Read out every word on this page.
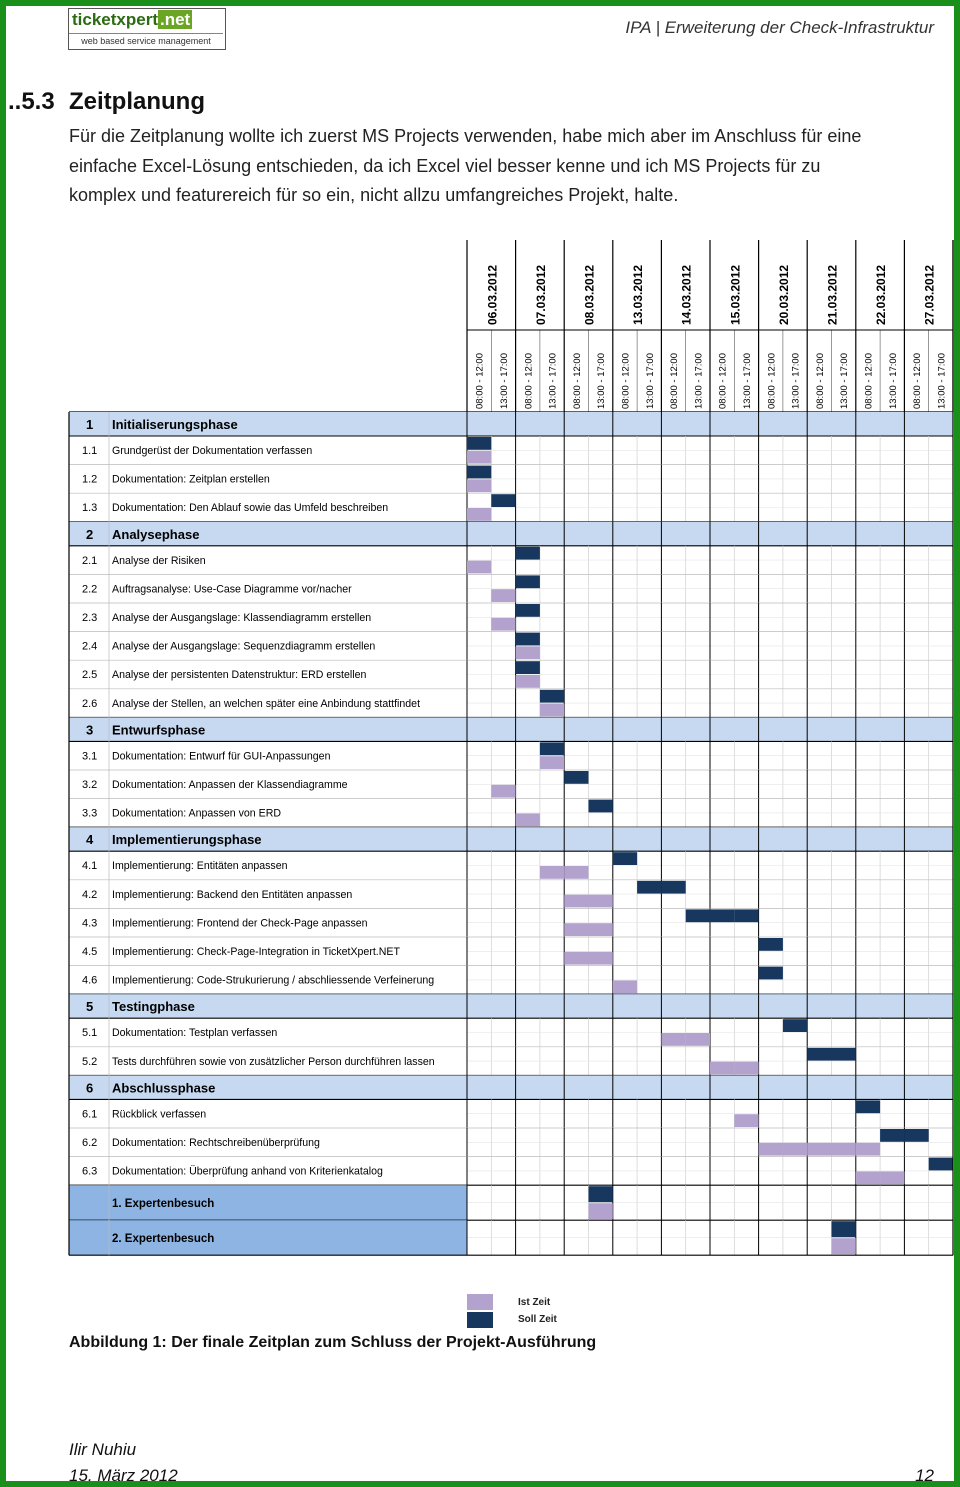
ticketxpert .net
web based service management
IPA | Erweiterung der Check-Infrastruktur
..5.3 Zeitplanung
Für die Zeitplanung wollte ich zuerst MS Projects verwenden, habe mich aber im Anschluss für eine
einfache Excel-Lösung entschieden, da ich Excel viel besser kenne und ich MS Projects für zu
komplex und featurereich für so ein, nicht allzu umfangreiches Projekt, halte.
06.03.2012	07.03.2012	08.03.2012	13.03.2012	14.03.2012	15.03.2012	20.03.2012	21.03.2012	22.03.2012	27.03.2012
08:00 - 12:00 13:00 - 17:00 08:00 - 12:00 13:00 - 17:00 08:00 - 12:00 13:00 - 17:00 08:00 - 12:00 13:00 - 17:00 08:00 - 12:00 13:00 - 17:00 08:00 - 12:00 13:00 - 17:00 08:00 - 12:00 13:00 - 17:00 08:00 - 12:00 13:00 - 17:00 08:00 - 12:00 13:00 - 17:00 08:00 - 12:00 13:00 - 17:00
1 Initialiserungsphase
1.1 Grundgerüst der Dokumentation verfassen
1.2 Dokumentation: Zeitplan erstellen
1.3 Dokumentation: Den Ablauf sowie das Umfeld beschreiben
2 Analysephase
2.1 Analyse der Risiken
2.2 Auftragsanalyse: Use-Case Diagramme vor/nacher
2.3 Analyse der Ausgangslage: Klassendiagramm erstellen
2.4 Analyse der Ausgangslage: Sequenzdiagramm erstellen
2.5 Analyse der persistenten Datenstruktur: ERD erstellen
2.6 Analyse der Stellen, an welchen später eine Anbindung stattfindet
3 Entwurfsphase
3.1 Dokumentation: Entwurf für GUI-Anpassungen
3.2 Dokumentation: Anpassen der Klassendiagramme
3.3 Dokumentation: Anpassen von ERD
4 Implementierungsphase
4.1 Implementierung: Entitäten anpassen
4.2 Implementierung: Backend den Entitäten anpassen
4.3 Implementierung: Frontend der Check-Page anpassen
4.5 Implementierung: Check-Page-Integration in TicketXpert.NET
4.6 Implementierung: Code-Strukurierung / abschliessende Verfeinerung
5 Testingphase
5.1 Dokumentation: Testplan verfassen
5.2 Tests durchführen sowie von zusätzlicher Person durchführen lassen
6 Abschlussphase
6.1 Rückblick verfassen
6.2 Dokumentation: Rechtschreibenüberprüfung
6.3 Dokumentation: Überprüfung anhand von Kriterienkatalog
1. Expertenbesuch
2. Expertenbesuch
Ist Zeit
Soll Zeit
Abbildung 1: Der finale Zeitplan zum Schluss der Projekt-Ausführung
Ilir Nuhiu
15. März 2012	12
